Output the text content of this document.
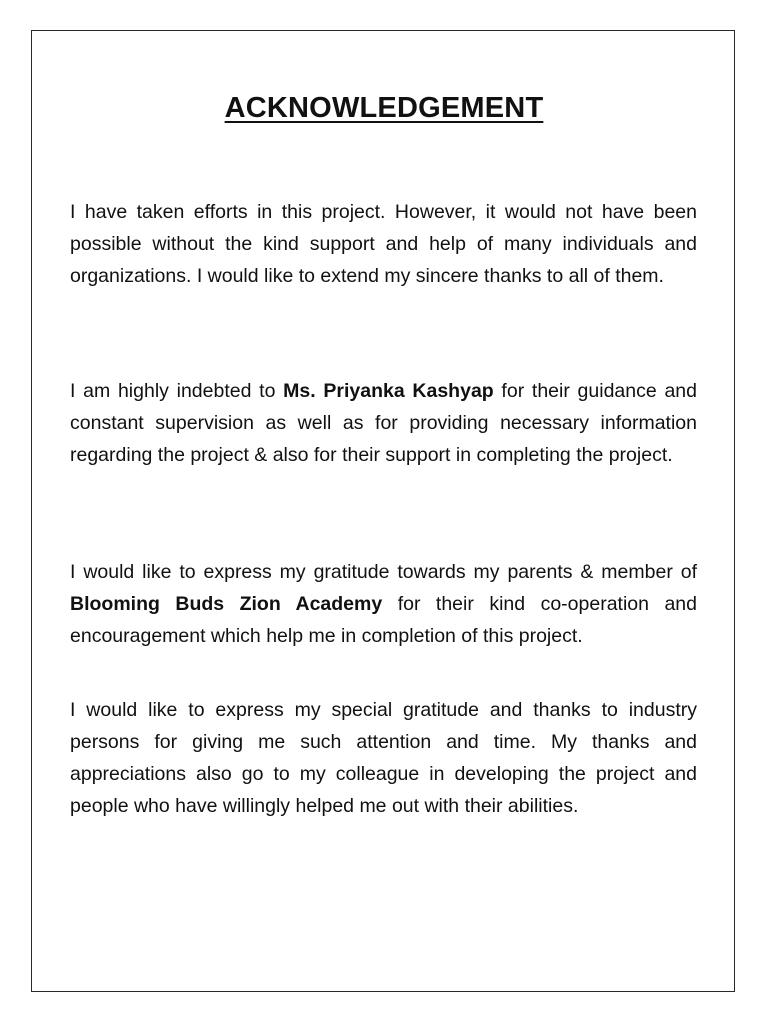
ACKNOWLEDGEMENT

I have taken efforts in this project. However, it would not have been possible without the kind support and help of many individuals and organizations. I would like to extend my sincere thanks to all of them.

I am highly indebted to Ms. Priyanka Kashyap for their guidance and constant supervision as well as for providing necessary information regarding the project & also for their support in completing the project.

I would like to express my gratitude towards my parents & member of Blooming Buds Zion Academy for their kind co-operation and encouragement which help me in completion of this project.

I would like to express my special gratitude and thanks to industry persons for giving me such attention and time. My thanks and appreciations also go to my colleague in developing the project and people who have willingly helped me out with their abilities.
